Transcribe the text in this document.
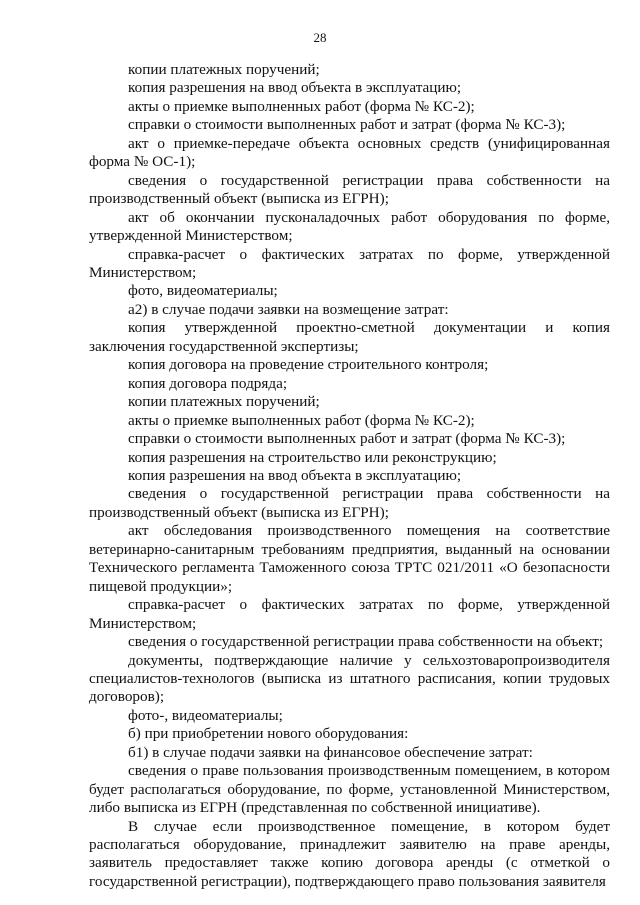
28

копии платежных поручений;

копия разрешения на ввод объекта в эксплуатацию;

акты о приемке выполненных работ (форма № КС-2);

справки о стоимости выполненных работ и затрат (форма № КС-3);

акт о приемке-передаче объекта основных средств (унифицированная форма № ОС-1);

сведения о государственной регистрации права собственности на производственный объект (выписка из ЕГРН);

акт об окончании пусконаладочных работ оборудования по форме, утвержденной Министерством;

справка-расчет о фактических затратах по форме, утвержденной Министерством;

фото, видеоматериалы;

а2) в случае подачи заявки на возмещение затрат:

копия утвержденной проектно-сметной документации и копия заключения государственной экспертизы;

копия договора на проведение строительного контроля;

копия договора подряда;

копии платежных поручений;

акты о приемке выполненных работ (форма № КС-2);

справки о стоимости выполненных работ и затрат (форма № КС-3);

копия разрешения на строительство или реконструкцию;

копия разрешения на ввод объекта в эксплуатацию;

сведения о государственной регистрации права собственности на производственный объект (выписка из ЕГРН);

акт обследования производственного помещения на соответствие ветеринарно-санитарным требованиям предприятия, выданный на основании Технического регламента Таможенного союза ТРТС 021/2011 «О безопасности пищевой продукции»;

справка-расчет о фактических затратах по форме, утвержденной Министерством;

сведения о государственной регистрации права собственности на объект;

документы, подтверждающие наличие у сельхозтоваропроизводителя специалистов-технологов (выписка из штатного расписания, копии трудовых договоров);

фото-, видеоматериалы;

б) при приобретении нового оборудования:

б1) в случае подачи заявки на финансовое обеспечение затрат:

сведения о праве пользования производственным помещением, в котором будет располагаться оборудование, по форме, установленной Министерством, либо выписка из ЕГРН (представленная по собственной инициативе).

В случае если производственное помещение, в котором будет располагаться оборудование, принадлежит заявителю на праве аренды, заявитель предоставляет также копию договора аренды (с отметкой о государственной регистрации), подтверждающего право пользования заявителя
